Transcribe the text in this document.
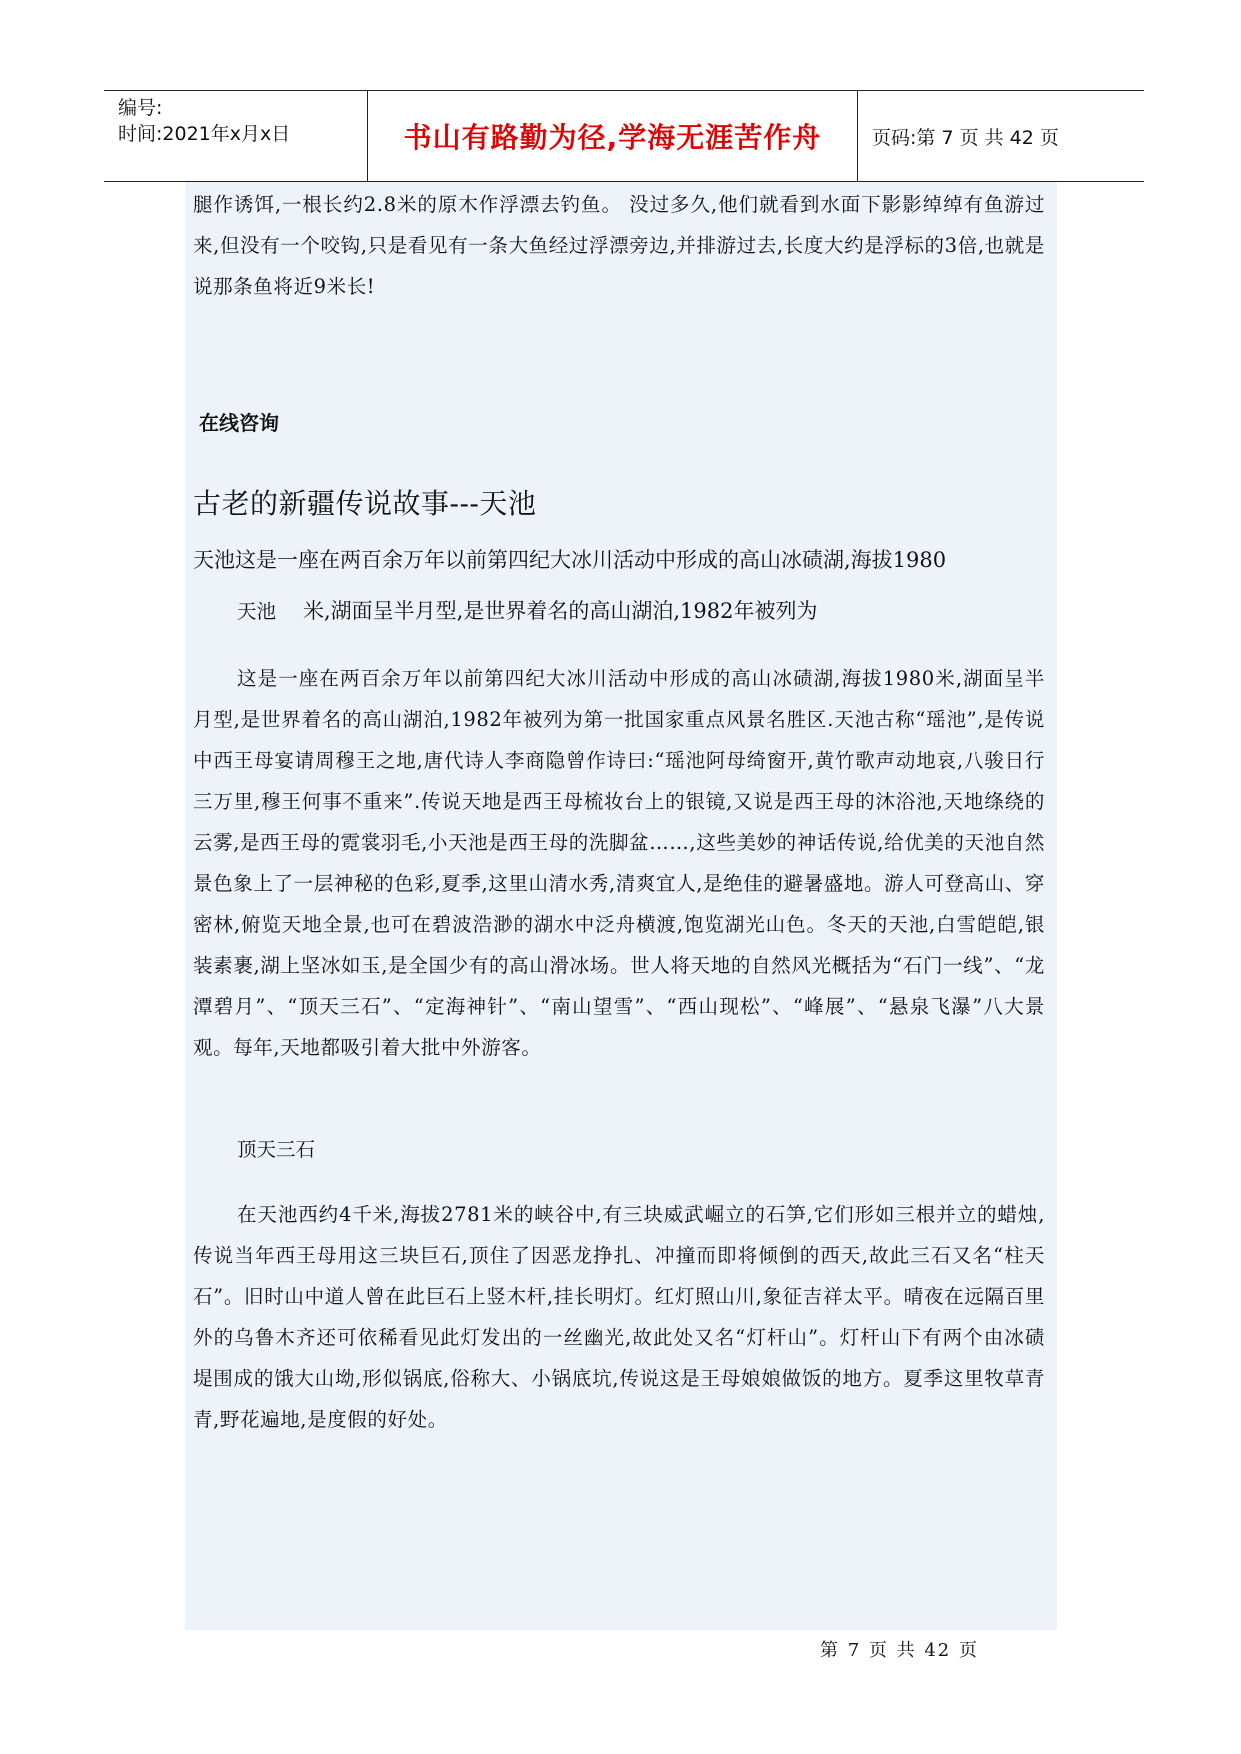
编号:
时间:2021年x月x日	书山有路勤为径,学海无涯苦作舟	页码:第 7 页 共 42 页

腿作诱饵,一根长约2.8米的原木作浮漂去钓鱼。 没过多久,他们就看到水面下影影绰绰有鱼游过来,但没有一个咬钩,只是看见有一条大鱼经过浮漂旁边,并排游过去,长度大约是浮标的3倍,也就是说那条鱼将近9米长!

在线咨询
古老的新疆传说故事---天池
天池这是一座在两百余万年以前第四纪大冰川活动中形成的高山冰碛湖,海拔1980
米,湖面呈半月型,是世界着名的高山湖泊,1982年被列为
天池

这是一座在两百余万年以前第四纪大冰川活动中形成的高山冰碛湖,海拔1980米,湖面呈半月型,是世界着名的高山湖泊,1982年被列为第一批国家重点风景名胜区.天池古称“瑶池”,是传说中西王母宴请周穆王之地,唐代诗人李商隐曾作诗曰:“瑶池阿母绮窗开,黄竹歌声动地哀,八骏日行三万里,穆王何事不重来”.传说天地是西王母梳妆台上的银镜,又说是西王母的沐浴池,天地绦绕的云雾,是西王母的霓裳羽毛,小天池是西王母的洗脚盆……,这些美妙的神话传说,给优美的天池自然景色象上了一层神秘的色彩,夏季,这里山清水秀,清爽宜人,是绝佳的避暑盛地。游人可登高山、穿密林,俯览天地全景,也可在碧波浩渺的湖水中泛舟横渡,饱览湖光山色。冬天的天池,白雪皑皑,银装素裹,湖上坚冰如玉,是全国少有的高山滑冰场。世人将天地的自然风光概括为“石门一线”、“龙潭碧月”、“顶天三石”、“定海神针”、“南山望雪”、“西山现松”、“峰展”、“悬泉飞瀑”八大景观。每年,天地都吸引着大批中外游客。

顶天三石

在天池西约4千米,海拔2781米的峡谷中,有三块威武崛立的石笋,它们形如三根并立的蜡烛,传说当年西王母用这三块巨石,顶住了因恶龙挣扎、冲撞而即将倾倒的西天,故此三石又名“柱天石”。旧时山中道人曾在此巨石上竖木杆,挂长明灯。红灯照山川,象征吉祥太平。晴夜在远隔百里外的乌鲁木齐还可依稀看见此灯发出的一丝幽光,故此处又名“灯杆山”。灯杆山下有两个由冰碛堤围成的饿大山坳,形似锅底,俗称大、小锅底坑,传说这是王母娘娘做饭的地方。夏季这里牧草青青,野花遍地,是度假的好处。

第 7 页 共 42 页
